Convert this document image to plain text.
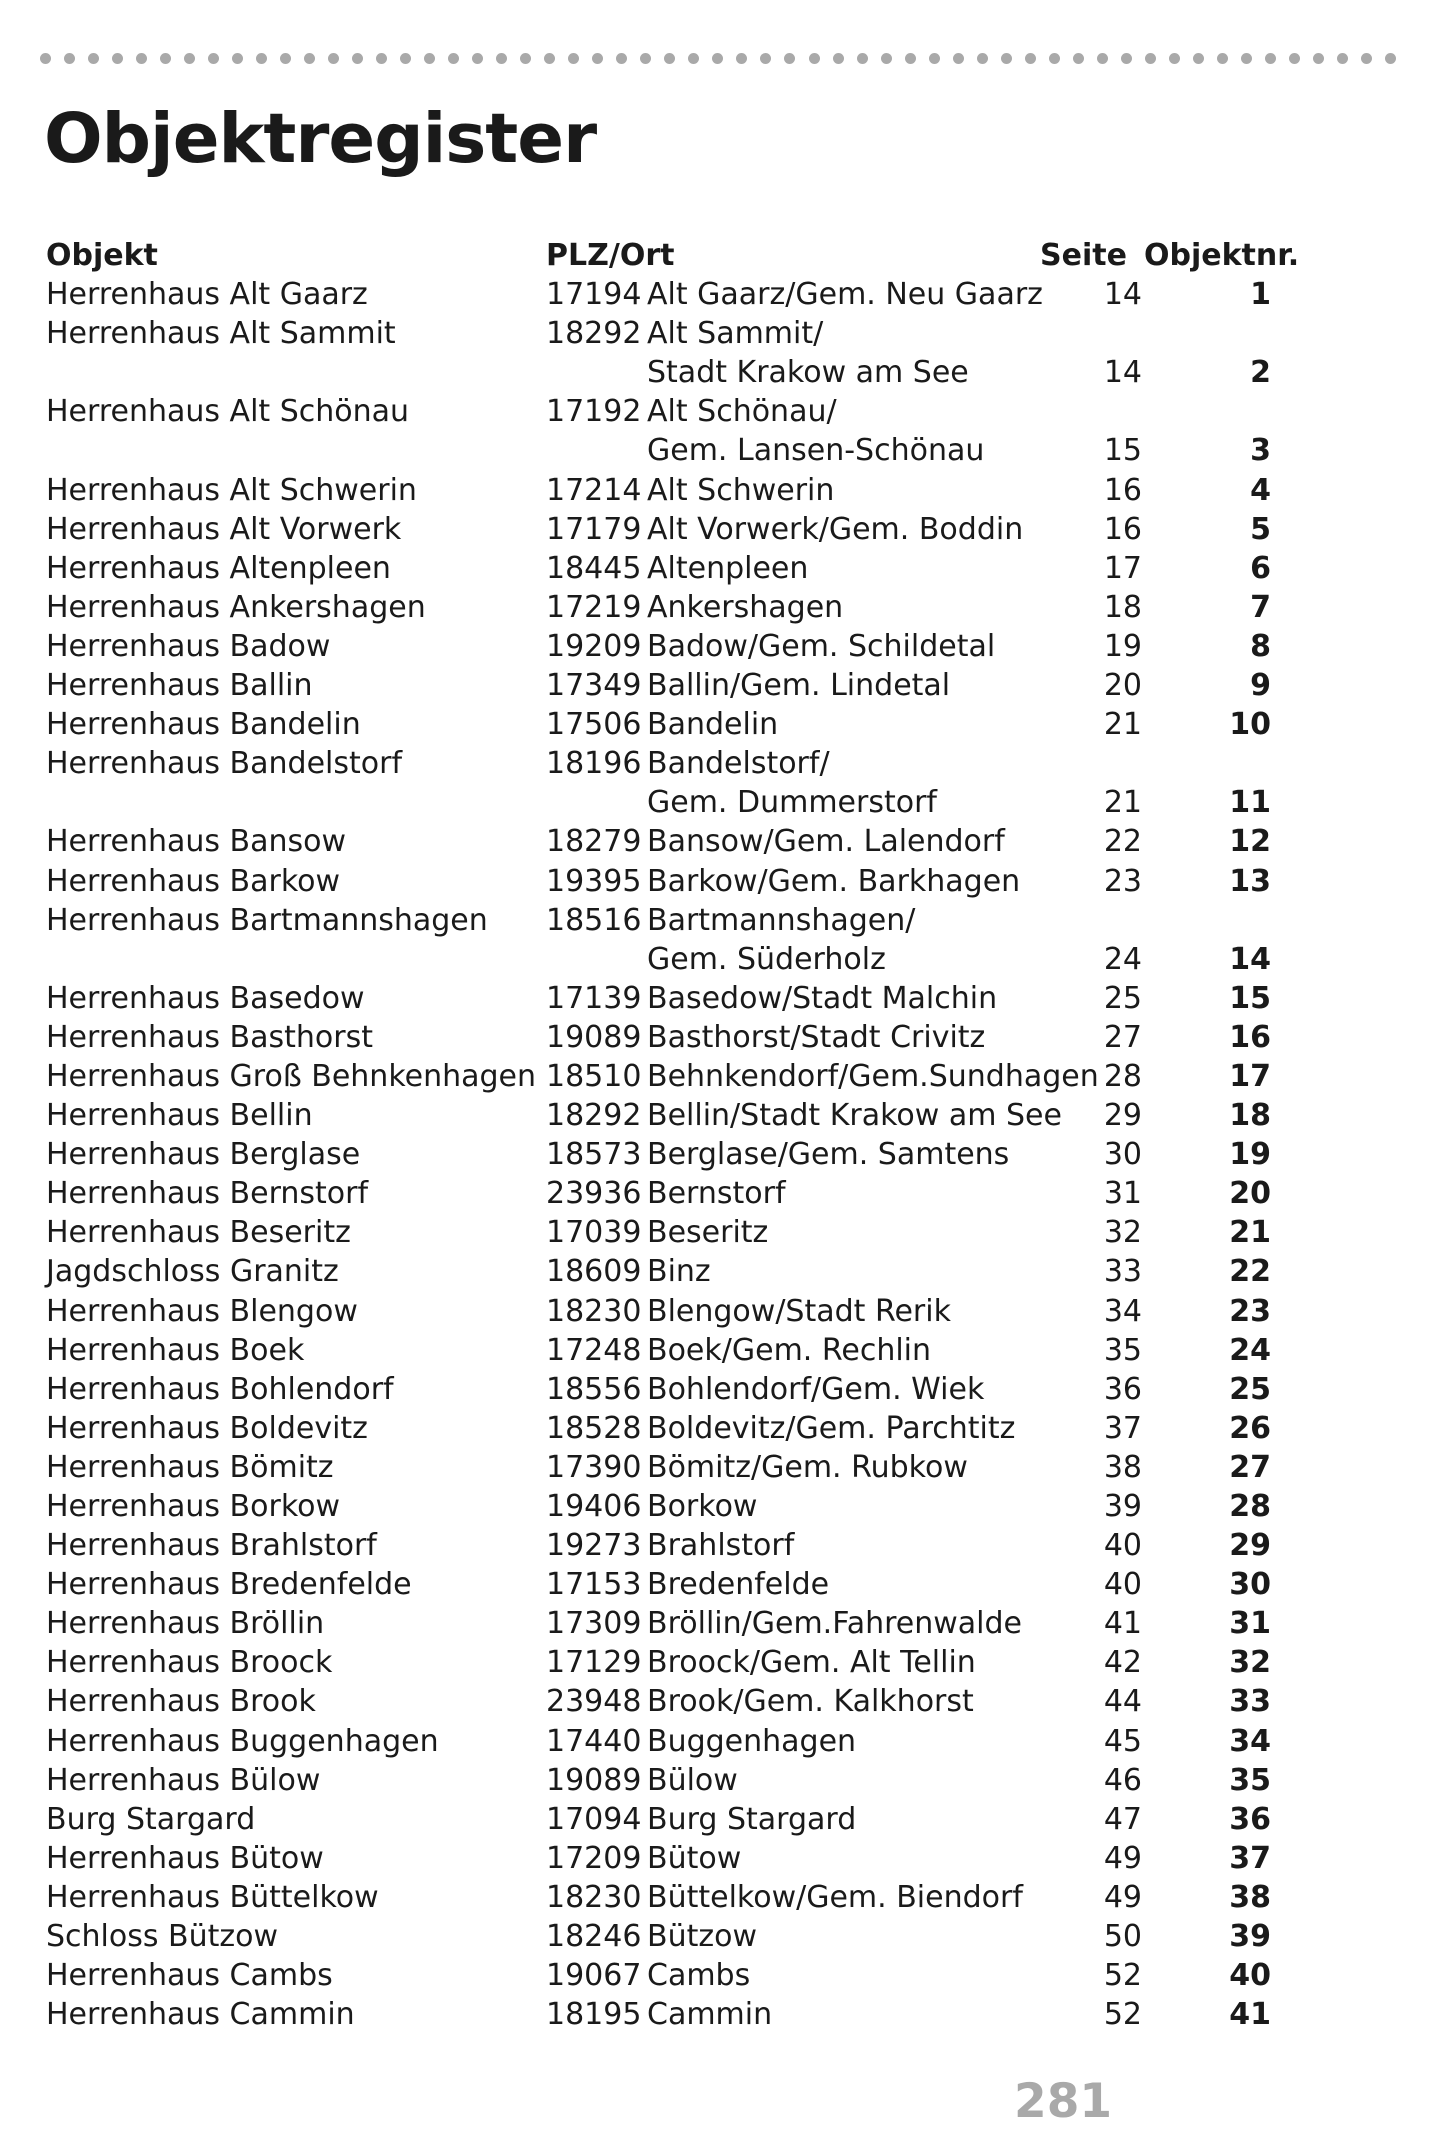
Objektregister
Objekt	PLZ/Ort	Seite Objektnr.
Herrenhaus Alt Gaarz	17194 Alt Gaarz/Gem. Neu Gaarz	14	1
Herrenhaus Alt Sammit	18292 Alt Sammit/
Stadt Krakow am See	14	2
Herrenhaus Alt Schönau	17192 Alt Schönau/
Gem. Lansen-Schönau	15	3
Herrenhaus Alt Schwerin	17214 Alt Schwerin	16	4
Herrenhaus Alt Vorwerk	17179 Alt Vorwerk/Gem. Boddin	16	5
Herrenhaus Altenpleen	18445 Altenpleen	17	6
Herrenhaus Ankershagen	17219 Ankershagen	18	7
Herrenhaus Badow	19209 Badow/Gem. Schildetal	19	8
Herrenhaus Ballin	17349 Ballin/Gem. Lindetal	20	9
Herrenhaus Bandelin	17506 Bandelin	21	10
Herrenhaus Bandelstorf	18196 Bandelstorf/
Gem. Dummerstorf	21	11
Herrenhaus Bansow	18279 Bansow/Gem. Lalendorf	22	12
Herrenhaus Barkow	19395 Barkow/Gem. Barkhagen	23	13
Herrenhaus Bartmannshagen 18516 Bartmannshagen/
Gem. Süderholz	24	14
Herrenhaus Basedow	17139 Basedow/Stadt Malchin	25	15
Herrenhaus Basthorst	19089 Basthorst/Stadt Crivitz	27	16
Herrenhaus Groß Behnkenhagen 18510 Behnkendorf/Gem.Sundhagen 28	17
Herrenhaus Bellin	18292 Bellin/Stadt Krakow am See	29	18
Herrenhaus Berglase	18573 Berglase/Gem. Samtens	30	19
Herrenhaus Bernstorf	23936 Bernstorf	31	20
Herrenhaus Beseritz	17039 Beseritz	32	21
Jagdschloss Granitz	18609 Binz	33	22
Herrenhaus Blengow	18230 Blengow/Stadt Rerik	34	23
Herrenhaus Boek	17248 Boek/Gem. Rechlin	35	24
Herrenhaus Bohlendorf	18556 Bohlendorf/Gem. Wiek	36	25
Herrenhaus Boldevitz	18528 Boldevitz/Gem. Parchtitz	37	26
Herrenhaus Bömitz	17390 Bömitz/Gem. Rubkow	38	27
Herrenhaus Borkow	19406 Borkow	39	28
Herrenhaus Brahlstorf	19273 Brahlstorf	40	29
Herrenhaus Bredenfelde	17153 Bredenfelde	40	30
Herrenhaus Bröllin	17309 Bröllin/Gem.Fahrenwalde	41	31
Herrenhaus Broock	17129 Broock/Gem. Alt Tellin	42	32
Herrenhaus Brook	23948 Brook/Gem. Kalkhorst	44	33
Herrenhaus Buggenhagen	17440 Buggenhagen	45	34
Herrenhaus Bülow	19089 Bülow	46	35
Burg Stargard	17094 Burg Stargard	47	36
Herrenhaus Bütow	17209 Bütow	49	37
Herrenhaus Büttelkow	18230 Büttelkow/Gem. Biendorf	49	38
Schloss Bützow	18246 Bützow	50	39
Herrenhaus Cambs	19067 Cambs	52	40
Herrenhaus Cammin	18195 Cammin	52	41
281
